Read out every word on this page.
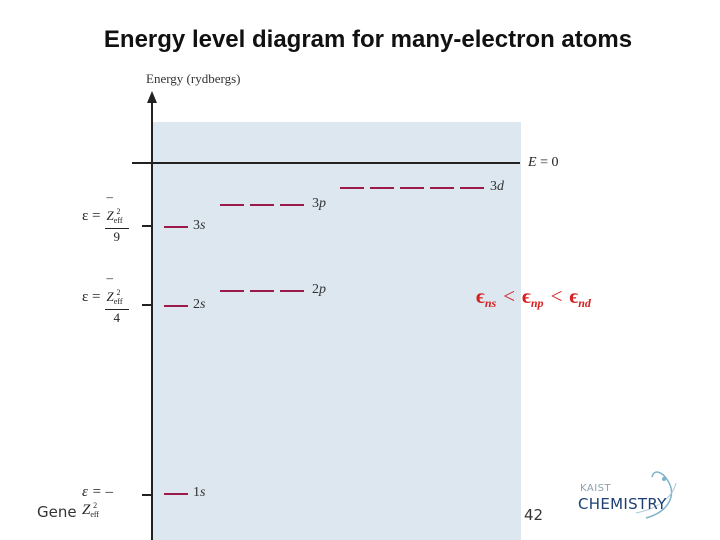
Energy level diagram for many-electron atoms
Energy (rydbergs)
E = 0
$\varepsilon = \frac{-Z_{eff}^2}{9}$
$\varepsilon = \frac{-Z_{eff}^2}{4}$
$\varepsilon = -Z_{eff}^2$
1s
2s
2p
3s
3p
3d
ϵns < ϵnp < ϵnd
Gene	42
KAIST
CHEMISTRY
